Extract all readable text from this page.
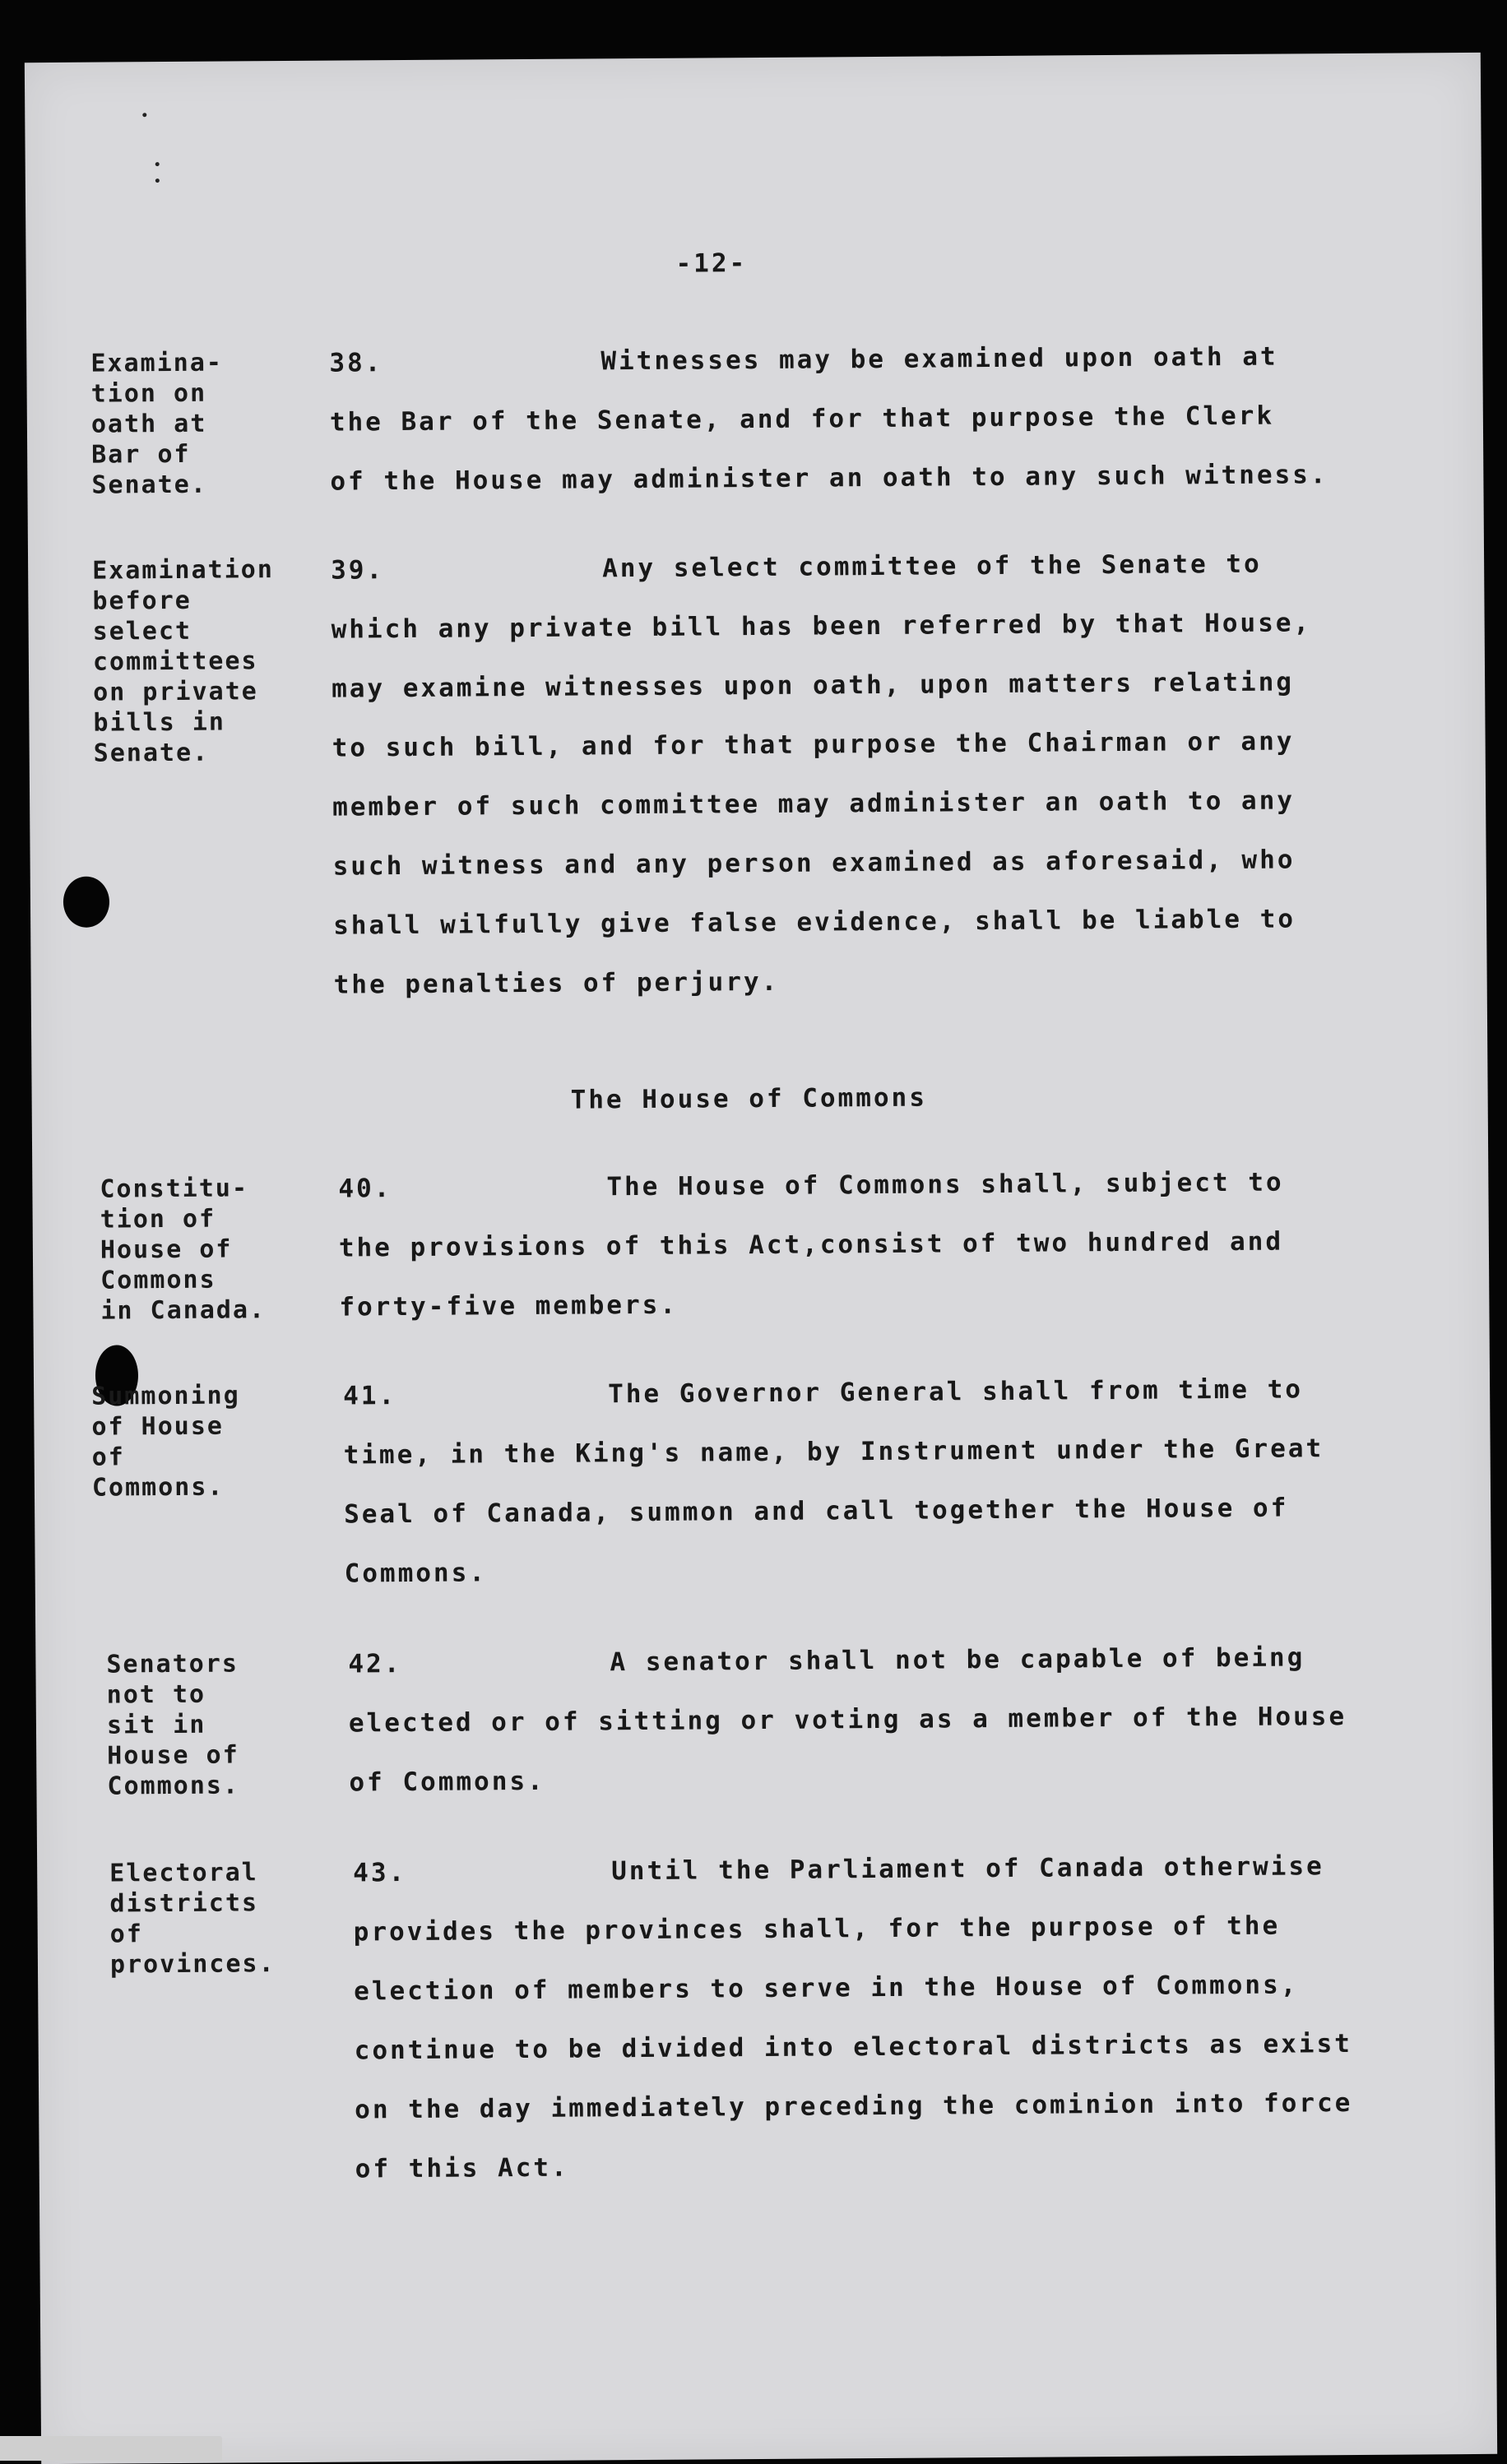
-12-
Examina-
tion on
oath at
Bar of
Senate.
38.	Witnesses may be examined upon oath at
the Bar of the Senate, and for that purpose the Clerk
of the House may administer an oath to any such witness.
Examination
before
select
committees
on private
bills in
Senate.
39.	Any select committee of the Senate to
which any private bill has been referred by that House,
may examine witnesses upon oath, upon matters relating
to such bill, and for that purpose the Chairman or any
member of such committee may administer an oath to any
such witness and any person examined as aforesaid, who
shall wilfully give false evidence, shall be liable to
the penalties of perjury.
The House of Commons
Constitu-
tion of
House of
Commons
in Canada.
40.	The House of Commons shall, subject to
the provisions of this Act,consist of two hundred and
forty-five members.
Summoning
of House
of
Commons.
41.	The Governor General shall from time to
time, in the King's name, by Instrument under the Great
Seal of Canada, summon and call together the House of
Commons.
Senators
not to
sit in
House of
Commons.
42.	A senator shall not be capable of being
elected or of sitting or voting as a member of the House
of Commons.
Electoral
districts
of
provinces.
43.	Until the Parliament of Canada otherwise
provides the provinces shall, for the purpose of the
election of members to serve in the House of Commons,
continue to be divided into electoral districts as exist
on the day immediately preceding the cominion into force
of this Act.
